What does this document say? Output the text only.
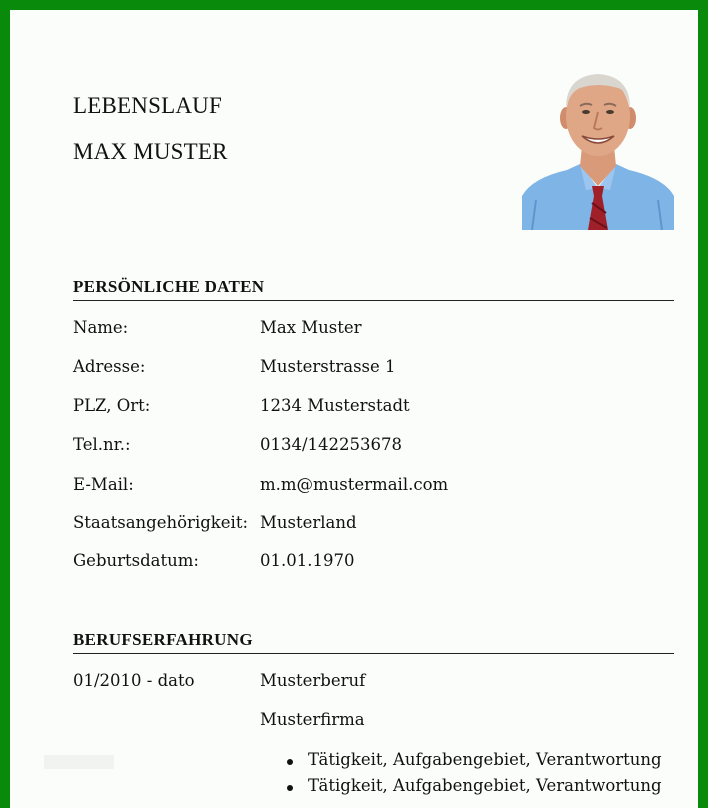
LEBENSLAUF
MAX MUSTER
PERSÖNLICHE DATEN
Name:	Max Muster
Adresse:	Musterstrasse 1
PLZ, Ort:	1234 Musterstadt
Tel.nr.:	0134/142253678
E-Mail:	m.m@mustermail.com
Staatsangehörigkeit: Musterland
Geburtsdatum:	01.01.1970
BERUFSERFAHRUNG
01/2010 - dato	Musterberuf
Musterfirma
Tätigkeit, Aufgabengebiet, Verantwortung
Tätigkeit, Aufgabengebiet, Verantwortung
